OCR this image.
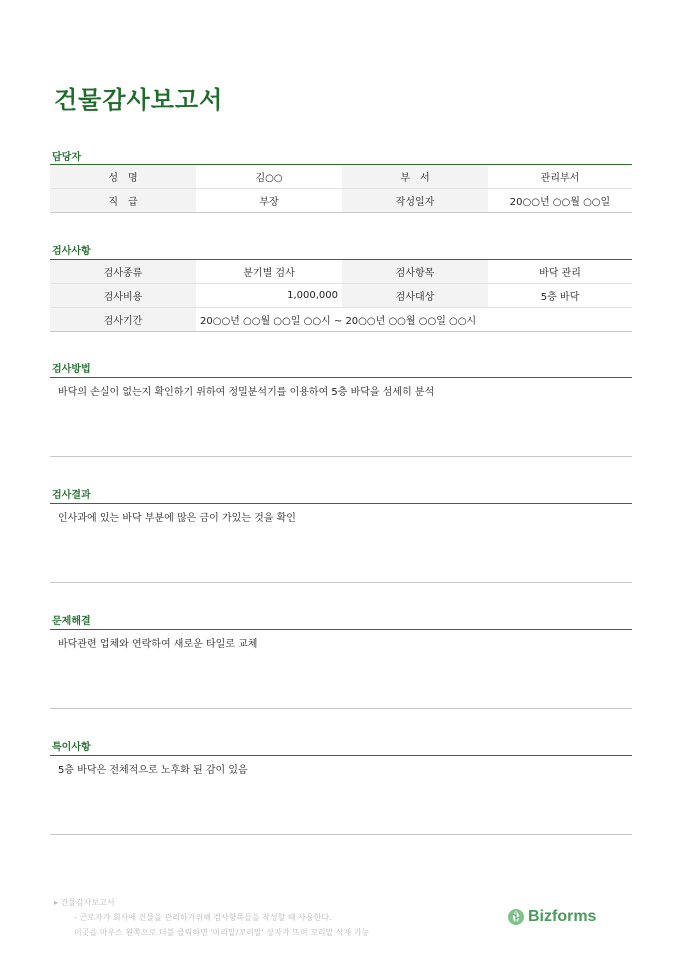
건물감사보고서
담당자
성　명	김○○	부　서	관리부서
직　급	부장	작성일자	20○○년 ○○월 ○○일
검사사항
검사종류	분기별 검사	검사항목	바닥 관리
검사비용	1,000,000	검사대상	5층 바닥
검사기간	20○○년 ○○월 ○○일 ○○시 ~ 20○○년 ○○월 ○○일 ○○시		
검사방법

바닥의 손실이 없는지 확인하기 위하여 정밀분석기를 이용하여 5층 바닥을 섬세히 분석

검사결과

인사과에 있는 바닥 부분에 많은 금이 가있는 것을 확인

문제해결

바닥관련 업체와 연락하여 새로운 타일로 교체

특이사항

5층 바닥은 전체적으로 노후화 된 감이 있음

▸ 건물감사보고서
- 근로자가 회사에 건물을 관리하기위해 검사항목들을 작성할 때 사용한다.
이곳을 마우스 왼쪽으로 더블 클릭하면 '머리말/꼬리말' 상자가 뜨며 꼬리말 삭제 가능
Bizforms
